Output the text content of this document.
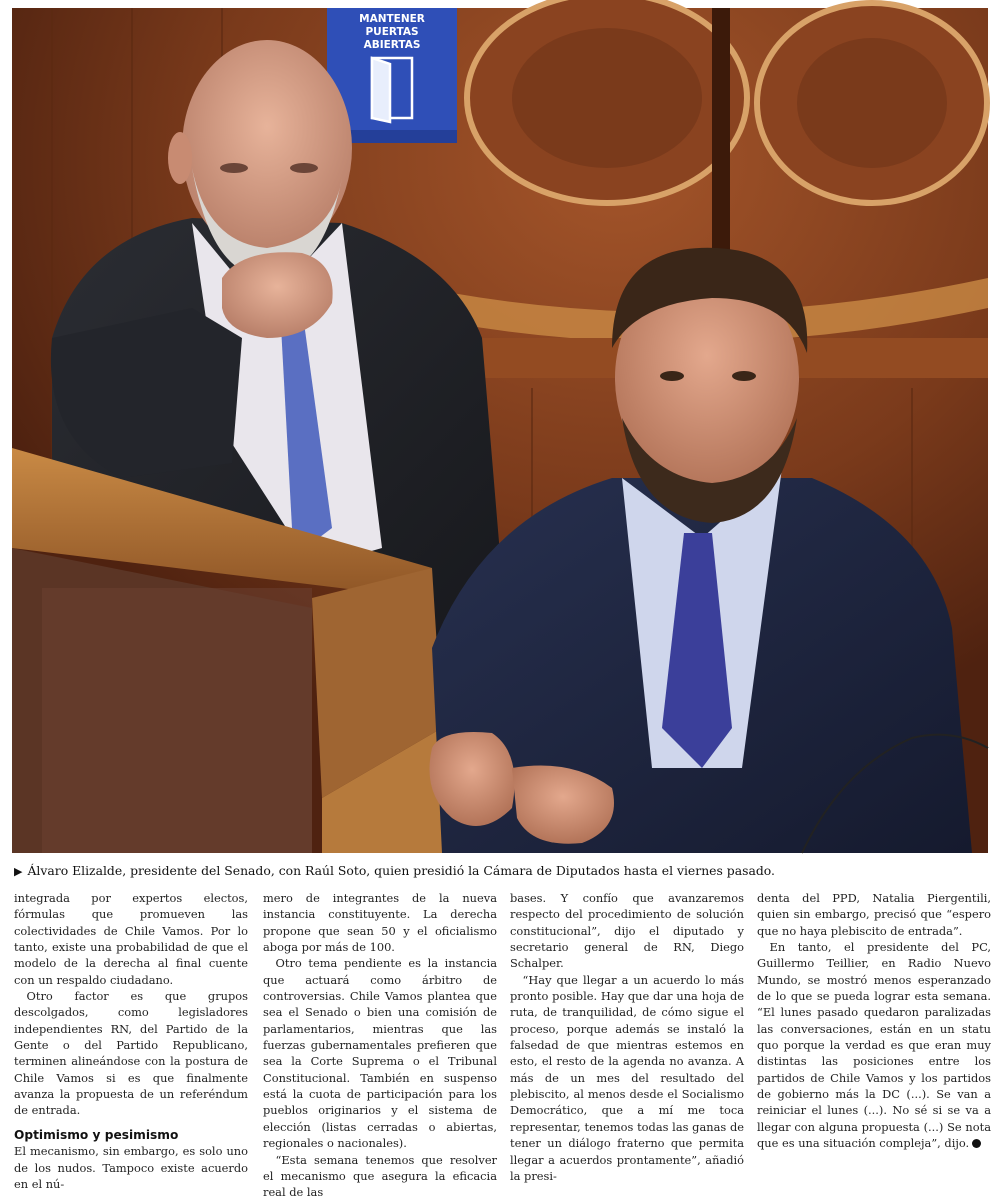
MANTENER
PUERTAS
ABIERTAS
▶ Álvaro Elizalde, presidente del Senado, con Raúl Soto, quien presidió la Cámara de Diputados hasta el viernes pasado.

integrada por expertos electos, fórmulas que promueven las colectividades de Chile Vamos. Por lo tanto, existe una probabilidad de que el modelo de la derecha al final cuente con un respaldo ciudadano.

Otro factor es que grupos descolgados, como legisladores independientes RN, del Partido de la Gente o del Partido Republicano, terminen alineándose con la postura de Chile Vamos si es que finalmente avanza la propuesta de un referéndum de entrada.

Optimismo y pesimismo

El mecanismo, sin embargo, es solo uno de los nudos. Tampoco existe acuerdo en el nú-

mero de integrantes de la nueva instancia constituyente. La derecha propone que sean 50 y el oficialismo aboga por más de 100.

Otro tema pendiente es la instancia que actuará como árbitro de controversias. Chile Vamos plantea que sea el Senado o bien una comisión de parlamentarios, mientras que las fuerzas gubernamentales prefieren que sea la Corte Suprema o el Tribunal Constitucional. También en suspenso está la cuota de participación para los pueblos originarios y el sistema de elección (listas cerradas o abiertas, regionales o nacionales).

“Esta semana tenemos que resolver el mecanismo que asegura la eficacia real de las

bases. Y confío que avanzaremos respecto del procedimiento de solución constitucional”, dijo el diputado y secretario general de RN, Diego Schalper.

“Hay que llegar a un acuerdo lo más pronto posible. Hay que dar una hoja de ruta, de tranquilidad, de cómo sigue el proceso, porque además se instaló la falsedad de que mientras estemos en esto, el resto de la agenda no avanza. A más de un mes del resultado del plebiscito, al menos desde el Socialismo Democrático, que a mí me toca representar, tenemos todas las ganas de tener un diálogo fraterno que permita llegar a acuerdos prontamente”, añadió la presi-

denta del PPD, Natalia Piergentili, quien sin embargo, precisó que “espero que no haya plebiscito de entrada”.

En tanto, el presidente del PC, Guillermo Teillier, en Radio Nuevo Mundo, se mostró menos esperanzado de lo que se pueda lograr esta semana. “El lunes pasado quedaron paralizadas las conversaciones, están en un statu quo porque la verdad es que eran muy distintas las posiciones entre los partidos de Chile Vamos y los partidos de gobierno más la DC (...). Se van a reiniciar el lunes (...). No sé si se va a llegar con alguna propuesta (...) Se nota que es una situación compleja”, dijo.
